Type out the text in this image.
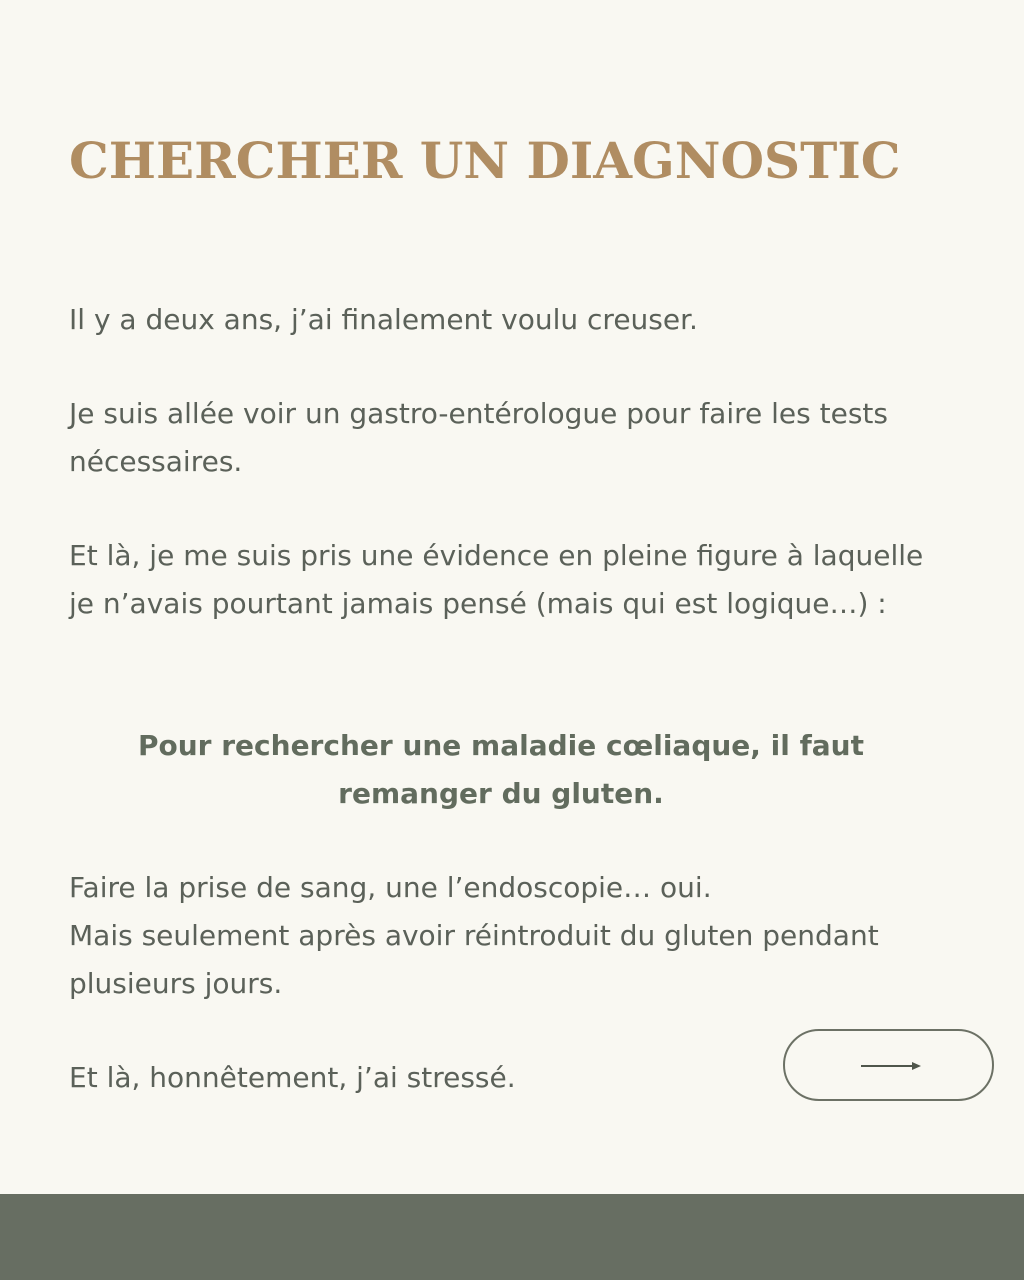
CHERCHER UN DIAGNOSTIC

Il y a deux ans, j’ai finalement voulu creuser.

Je suis allée voir un gastro-entérologue pour faire les tests nécessaires.

Et là, je me suis pris une évidence en pleine figure à laquelle je n’avais pourtant jamais pensé (mais qui est logique…) :

Pour rechercher une maladie cœliaque, il faut remanger du gluten.

Faire la prise de sang, une l’endoscopie… oui.
Mais seulement après avoir réintroduit du gluten pendant plusieurs jours.

Et là, honnêtement, j’ai stressé.
